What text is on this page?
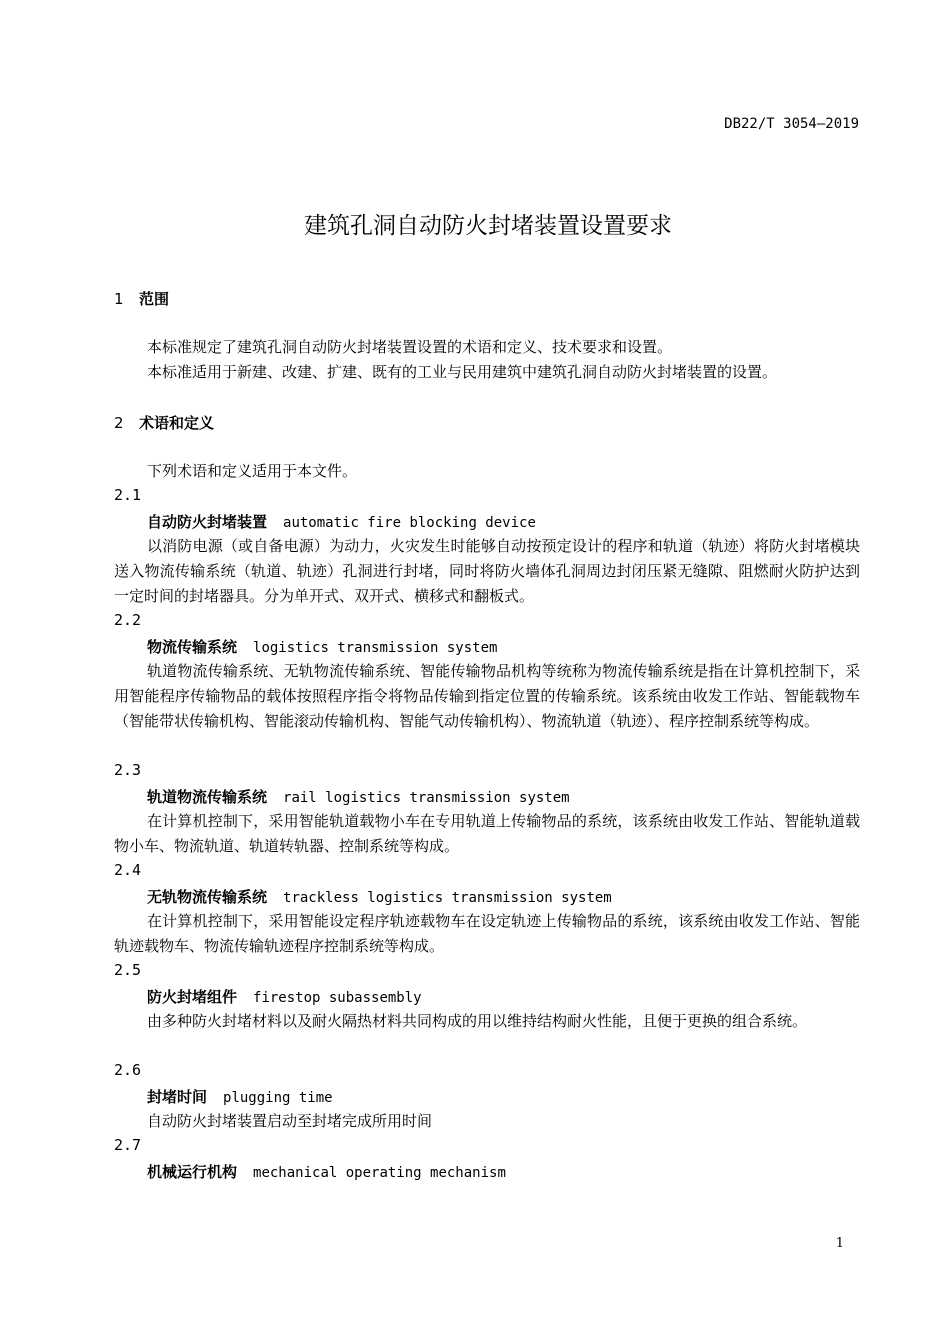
DB22/T 3054—2019
建筑孔洞自动防火封堵装置设置要求
1 范围
本标准规定了建筑孔洞自动防火封堵装置设置的术语和定义、技术要求和设置。
本标准适用于新建、改建、扩建、既有的工业与民用建筑中建筑孔洞自动防火封堵装置的设置。
2 术语和定义
下列术语和定义适用于本文件。
2.1
自动防火封堵装置 automatic fire blocking device
以消防电源（或自备电源）为动力，火灾发生时能够自动按预定设计的程序和轨道（轨迹）将防火封堵模块送入物流传输系统（轨道、轨迹）孔洞进行封堵，同时将防火墙体孔洞周边封闭压紧无缝隙、阻燃耐火防护达到一定时间的封堵器具。分为单开式、双开式、横移式和翻板式。
2.2
物流传输系统 logistics transmission system
轨道物流传输系统、无轨物流传输系统、智能传输物品机构等统称为物流传输系统是指在计算机控制下，采用智能程序传输物品的载体按照程序指令将物品传输到指定位置的传输系统。该系统由收发工作站、智能载物车（智能带状传输机构、智能滚动传输机构、智能气动传输机构）、物流轨道（轨迹）、程序控制系统等构成。
2.3
轨道物流传输系统 rail logistics transmission system
在计算机控制下，采用智能轨道载物小车在专用轨道上传输物品的系统，该系统由收发工作站、智能轨道载物小车、物流轨道、轨道转轨器、控制系统等构成。
2.4
无轨物流传输系统 trackless logistics transmission system
在计算机控制下，采用智能设定程序轨迹载物车在设定轨迹上传输物品的系统，该系统由收发工作站、智能轨迹载物车、物流传输轨迹程序控制系统等构成。
2.5
防火封堵组件 firestop subassembly
由多种防火封堵材料以及耐火隔热材料共同构成的用以维持结构耐火性能，且便于更换的组合系统。
2.6
封堵时间 plugging time
自动防火封堵装置启动至封堵完成所用时间
2.7
机械运行机构 mechanical operating mechanism
1
